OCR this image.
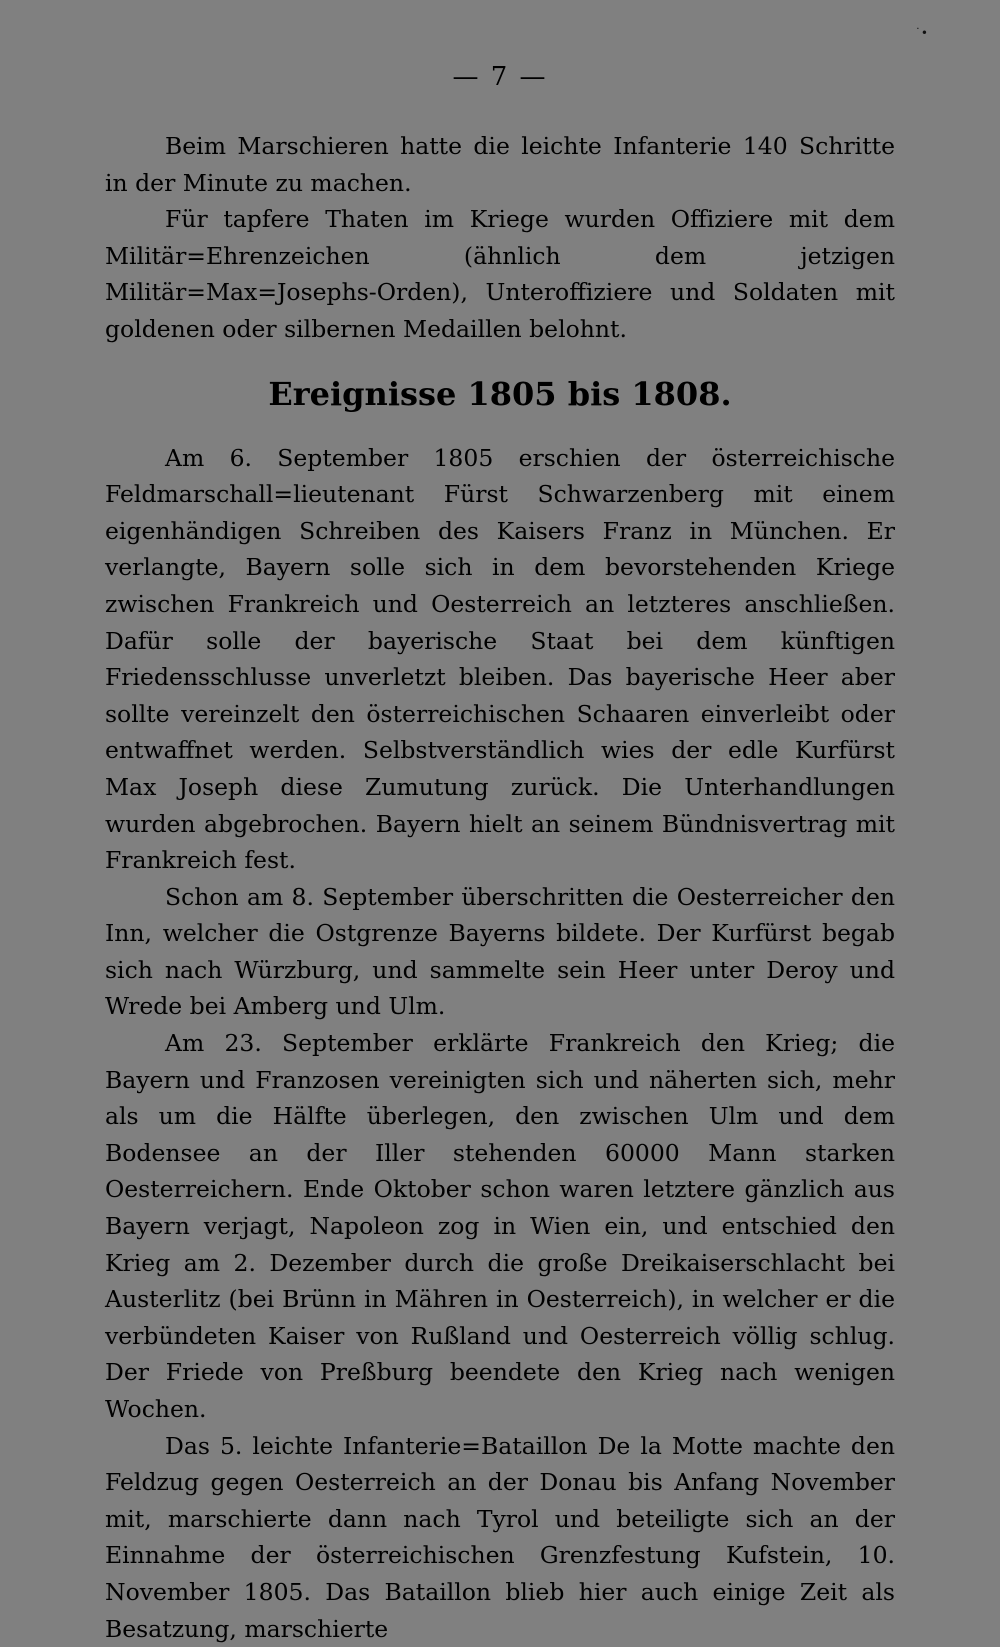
˙•
— 7 —

Beim Marschieren hatte die leichte Infanterie 140 Schritte in der Minute zu machen.

Für tapfere Thaten im Kriege wurden Offiziere mit dem Militär=Ehrenzeichen (ähnlich dem jetzigen Militär=Max=Josephs-Orden), Unteroffiziere und Soldaten mit goldenen oder silbernen Medaillen belohnt.

Ereignisse 1805 bis 1808.

Am 6. September 1805 erschien der österreichische Feldmarschall=lieutenant Fürst Schwarzenberg mit einem eigenhändigen Schreiben des Kaisers Franz in München. Er verlangte, Bayern solle sich in dem bevorstehenden Kriege zwischen Frankreich und Oesterreich an letzteres anschließen. Dafür solle der bayerische Staat bei dem künftigen Friedensschlusse unverletzt bleiben. Das bayerische Heer aber sollte vereinzelt den österreichischen Schaaren einverleibt oder entwaffnet werden. Selbstverständlich wies der edle Kurfürst Max Joseph diese Zumutung zurück. Die Unterhandlungen wurden abgebrochen. Bayern hielt an seinem Bündnisvertrag mit Frankreich fest.

Schon am 8. September überschritten die Oesterreicher den Inn, welcher die Ostgrenze Bayerns bildete. Der Kurfürst begab sich nach Würzburg, und sammelte sein Heer unter Deroy und Wrede bei Amberg und Ulm.

Am 23. September erklärte Frankreich den Krieg; die Bayern und Franzosen vereinigten sich und näherten sich, mehr als um die Hälfte überlegen, den zwischen Ulm und dem Bodensee an der Iller stehenden 60000 Mann starken Oesterreichern. Ende Oktober schon waren letztere gänzlich aus Bayern verjagt, Napoleon zog in Wien ein, und entschied den Krieg am 2. Dezember durch die große Dreikaiserschlacht bei Austerlitz (bei Brünn in Mähren in Oesterreich), in welcher er die verbündeten Kaiser von Rußland und Oesterreich völlig schlug. Der Friede von Preßburg beendete den Krieg nach wenigen Wochen.

Das 5. leichte Infanterie=Bataillon De la Motte machte den Feldzug gegen Oesterreich an der Donau bis Anfang November mit, marschierte dann nach Tyrol und beteiligte sich an der Einnahme der österreichischen Grenzfestung Kufstein, 10. November 1805. Das Bataillon blieb hier auch einige Zeit als Besatzung, marschierte
